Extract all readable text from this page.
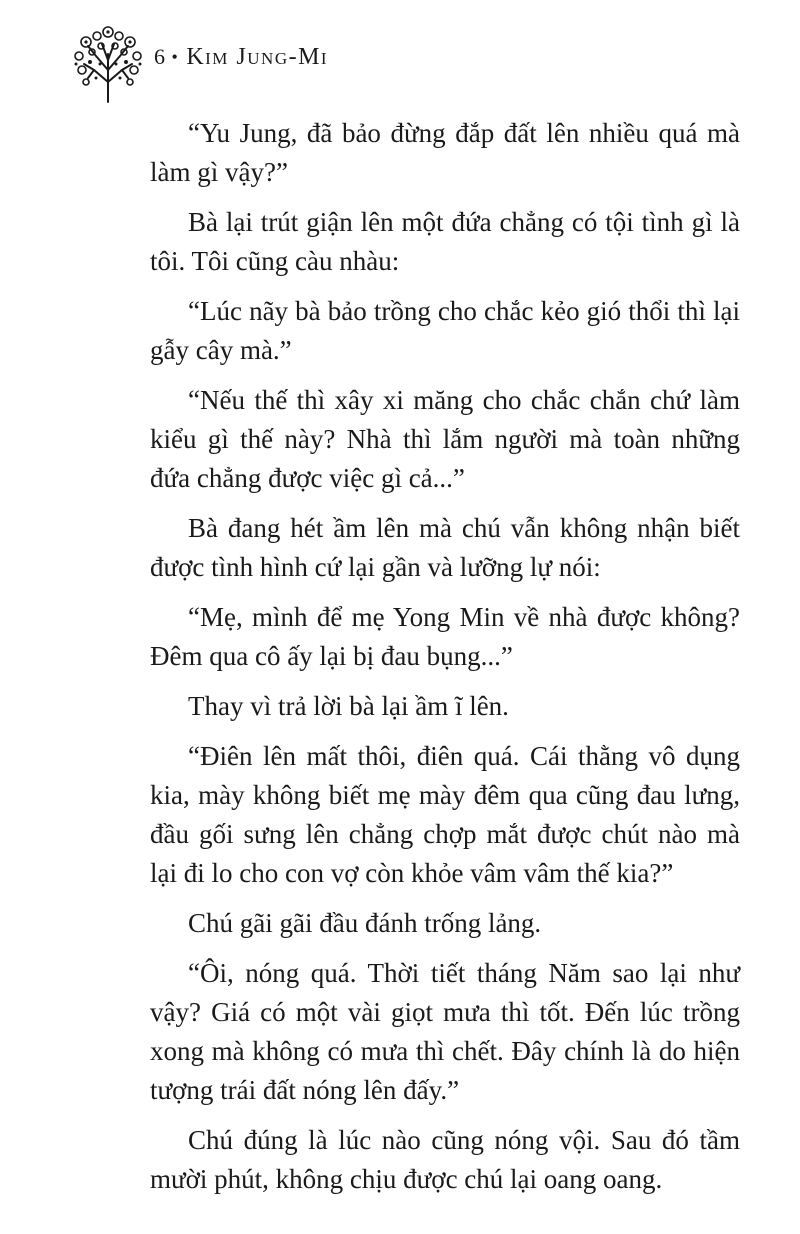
6 • Kim Jung-Mi

“Yu Jung, đã bảo đừng đắp đất lên nhiều quá mà làm gì vậy?”

Bà lại trút giận lên một đứa chẳng có tội tình gì là tôi. Tôi cũng càu nhàu:

“Lúc nãy bà bảo trồng cho chắc kẻo gió thổi thì lại gẫy cây mà.”

“Nếu thế thì xây xi măng cho chắc chắn chứ làm kiểu gì thế này? Nhà thì lắm người mà toàn những đứa chẳng được việc gì cả...”

Bà đang hét ầm lên mà chú vẫn không nhận biết được tình hình cứ lại gần và lưỡng lự nói:

“Mẹ, mình để mẹ Yong Min về nhà được không? Đêm qua cô ấy lại bị đau bụng...”

Thay vì trả lời bà lại ầm ĩ lên.

“Điên lên mất thôi, điên quá. Cái thằng vô dụng kia, mày không biết mẹ mày đêm qua cũng đau lưng, đầu gối sưng lên chẳng chợp mắt được chút nào mà lại đi lo cho con vợ còn khỏe vâm vâm thế kia?”

Chú gãi gãi đầu đánh trống lảng.

“Ôi, nóng quá. Thời tiết tháng Năm sao lại như vậy? Giá có một vài giọt mưa thì tốt. Đến lúc trồng xong mà không có mưa thì chết. Đây chính là do hiện tượng trái đất nóng lên đấy.”

Chú đúng là lúc nào cũng nóng vội. Sau đó tầm mười phút, không chịu được chú lại oang oang.
